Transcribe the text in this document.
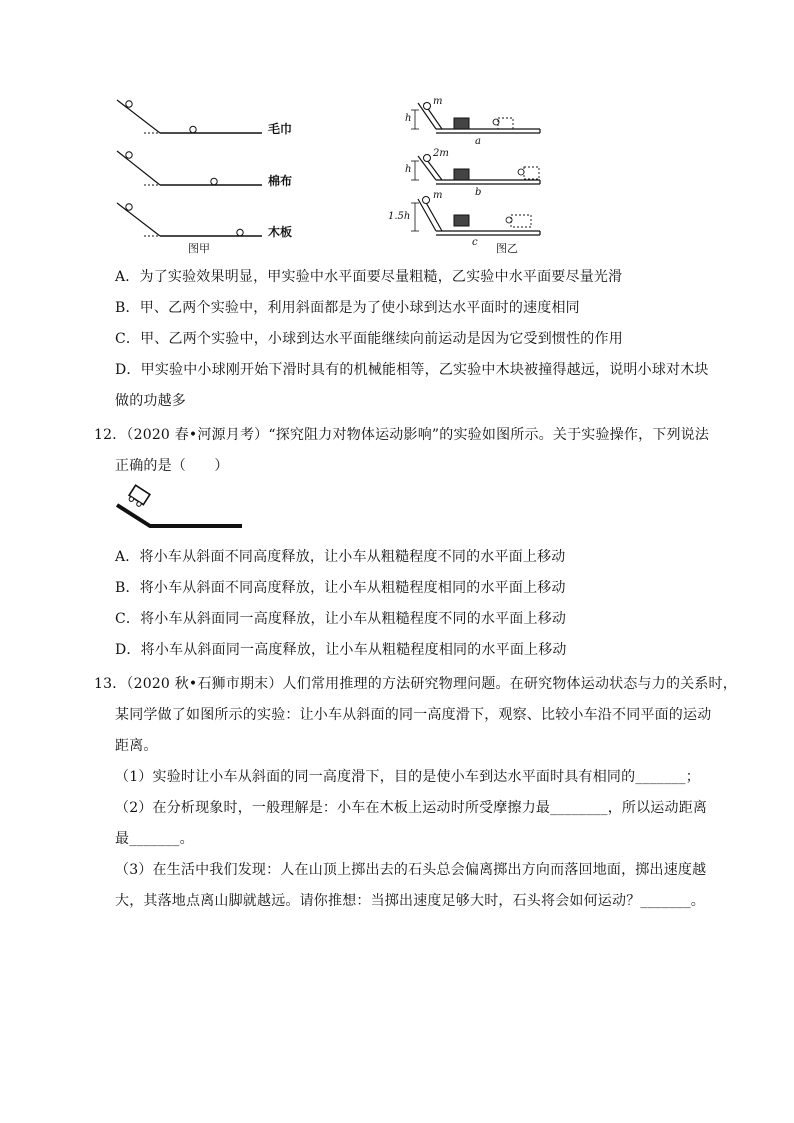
毛巾
棉布
木板
图甲
m
2m
m
h
h
1.5h
a
b
c 图乙
A．为了实验效果明显，甲实验中水平面要尽量粗糙，乙实验中水平面要尽量光滑
B．甲、乙两个实验中，利用斜面都是为了使小球到达水平面时的速度相同
C．甲、乙两个实验中，小球到达水平面能继续向前运动是因为它受到惯性的作用
D．甲实验中小球刚开始下滑时具有的机械能相等，乙实验中木块被撞得越远，说明小球对木块
做的功越多
12．（2020 春•河源月考）“探究阻力对物体运动影响”的实验如图所示。关于实验操作，下列说法
正确的是（　　）
A．将小车从斜面不同高度释放，让小车从粗糙程度不同的水平面上移动
B．将小车从斜面不同高度释放，让小车从粗糙程度相同的水平面上移动
C．将小车从斜面同一高度释放，让小车从粗糙程度不同的水平面上移动
D．将小车从斜面同一高度释放，让小车从粗糙程度相同的水平面上移动
13．（2020 秋•石狮市期末）人们常用推理的方法研究物理问题。在研究物体运动状态与力的关系时，
某同学做了如图所示的实验：让小车从斜面的同一高度滑下，观察、比较小车沿不同平面的运动
距离。
（1）实验时让小车从斜面的同一高度滑下，目的是使小车到达水平面时具有相同的_______；
（2）在分析现象时，一般理解是：小车在木板上运动时所受摩擦力最________，所以运动距离
最_______。
（3）在生活中我们发现：人在山顶上掷出去的石头总会偏离掷出方向而落回地面，掷出速度越
大，其落地点离山脚就越远。请你推想：当掷出速度足够大时，石头将会如何运动？_______。
